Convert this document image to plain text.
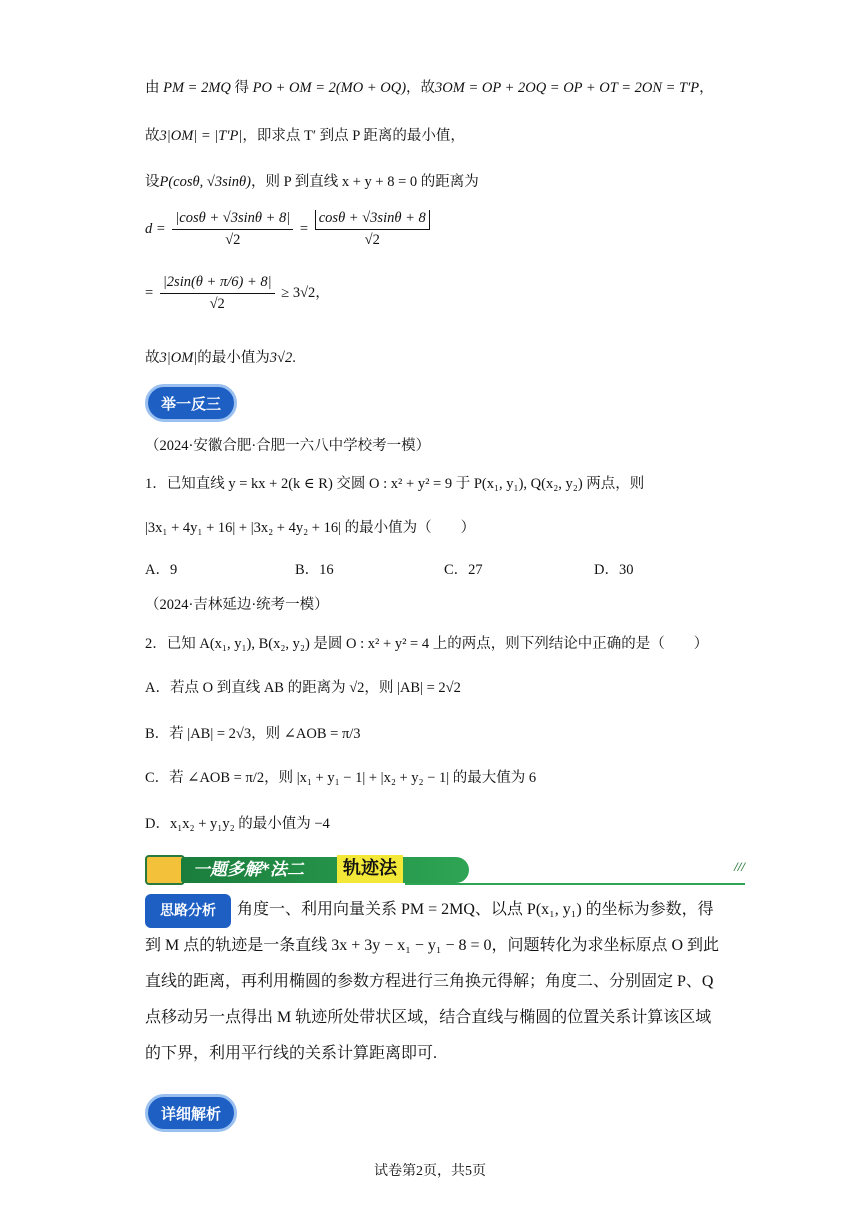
由 PM = 2MQ 得 PO + OM = 2(MO + OQ)，故3OM = OP + 2OQ = OP + OT = 2ON = T′P，
故3|OM| = |T′P|，即求点 T′ 到点 P 距离的最小值，
设P(cosθ, √3sinθ)，则 P 到直线 x + y + 8 = 0 的距离为
$d = \frac{|\cos\theta + √3\sin\theta + 8|}{√2} = \frac{\cos\theta + √3\sin\theta + 8}{√2}$
= $\frac{|2\sin(\theta + \pi/6) + 8|}{√2} \ge 3√2$，
故3|OM|的最小值为3√2.
举一反三
（2024·安徽合肥·合肥一六八中学校考一模）
1．已知直线 y = kx + 2(k ∈ R) 交圆 O : x² + y² = 9 于 P(x₁, y₁), Q(x₂, y₂) 两点，则
|3x₁ + 4y₁ + 16| + |3x₂ + 4y₂ + 16| 的最小值为（　　）
A．9	B．16	C．27	D．30
（2024·吉林延边·统考一模）
2．已知 A(x₁, y₁), B(x₂, y₂) 是圆 O : x² + y² = 4 上的两点，则下列结论中正确的是（　　）
A．若点 O 到直线 AB 的距离为 √2，则 |AB| = 2√2
B．若 |AB| = 2√3，则 ∠AOB = π/3
C．若 ∠AOB = π/2，则 |x₁ + y₁ − 1| + |x₂ + y₂ − 1| 的最大值为 6
D．x₁x₂ + y₁y₂ 的最小值为 −4
一题多解*法二	轨迹法	///
思路分析	角度一、利用向量关系 PM = 2MQ、以点 P(x₁, y₁) 的坐标为参数，得到 M 点的轨迹是一条直线 3x + 3y − x₁ − y₁ − 8 = 0，问题转化为求坐标原点 O 到此直线的距离，再利用椭圆的参数方程进行三角换元得解；角度二、分别固定 P、Q 点移动另一点得出 M 轨迹所处带状区域，结合直线与椭圆的位置关系计算该区域的下界，利用平行线的关系计算距离即可.
详细解析
试卷第2页，共5页
